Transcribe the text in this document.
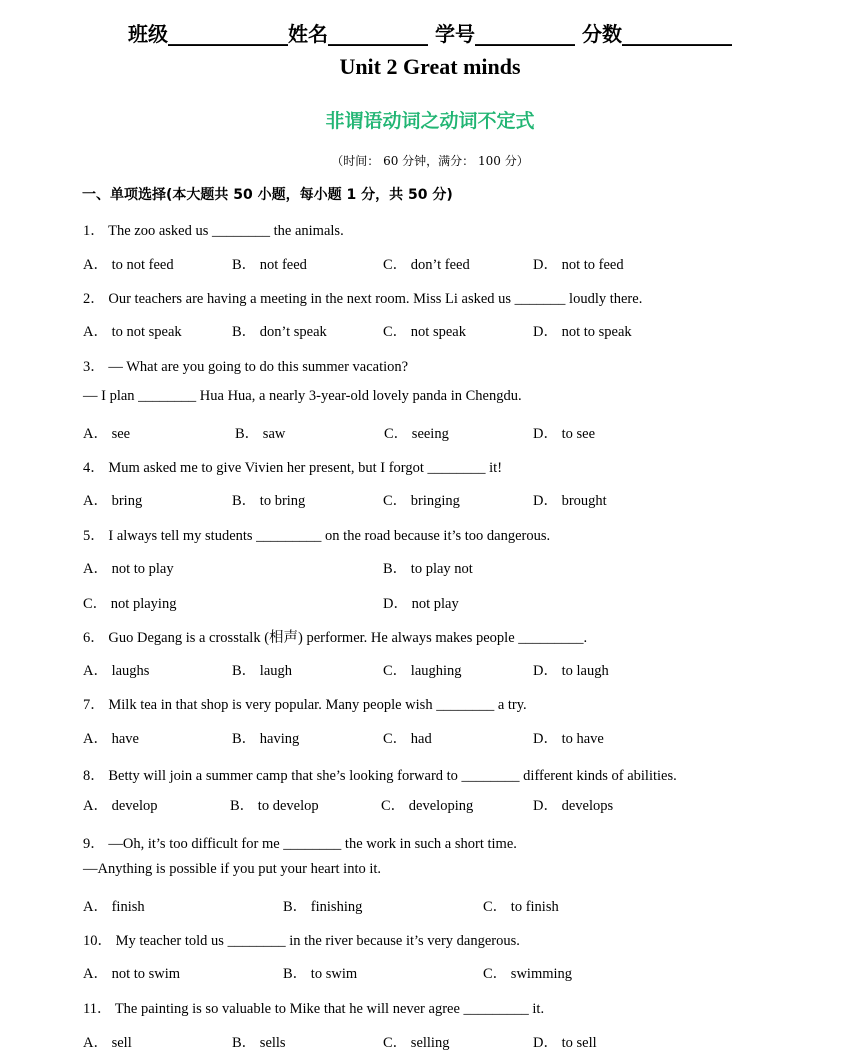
班级____________姓名__________ 学号__________ 分数___________
Unit 2 Great minds
非谓语动词之动词不定式
（时间： 60 分钟，满分： 100 分）
一、单项选择(本大题共 50 小题，每小题 1 分，共 50 分)
1． The zoo asked us ________ the animals.
A． to not feed	B． not feed	C． don’t feed	D． not to feed
2． Our teachers are having a meeting in the next room. Miss Li asked us _______ loudly there.
A． to not speak	B． don’t speak	C． not speak	D． not to speak
3． — What are you going to do this summer vacation?
— I plan ________ Hua Hua, a nearly 3-year-old lovely panda in Chengdu.
A． see	B． saw	C． seeing	D． to see
4． Mum asked me to give Vivien her present, but I forgot ________ it!
A． bring	B． to bring	C． bringing	D． brought
5． I always tell my students _________ on the road because it’s too dangerous.
A． not to play	B． to play not
C． not playing	D． not play
6． Guo Degang is a crosstalk (相声) performer. He always makes people _________.
A． laughs	B． laugh	C． laughing	D． to laugh
7． Milk tea in that shop is very popular. Many people wish ________ a try.
A． have	B． having	C． had	D． to have
8． Betty will join a summer camp that she’s looking forward to ________ different kinds of abilities.
A． develop	B． to develop	C． developing	D． develops
9． —Oh, it’s too difficult for me ________ the work in such a short time.
—Anything is possible if you put your heart into it.
A． finish	B． finishing	C． to finish
10． My teacher told us ________ in the river because it’s very dangerous.
A． not to swim	B． to swim	C． swimming
11． The painting is so valuable to Mike that he will never agree _________ it.
A． sell	B． sells	C． selling	D． to sell
